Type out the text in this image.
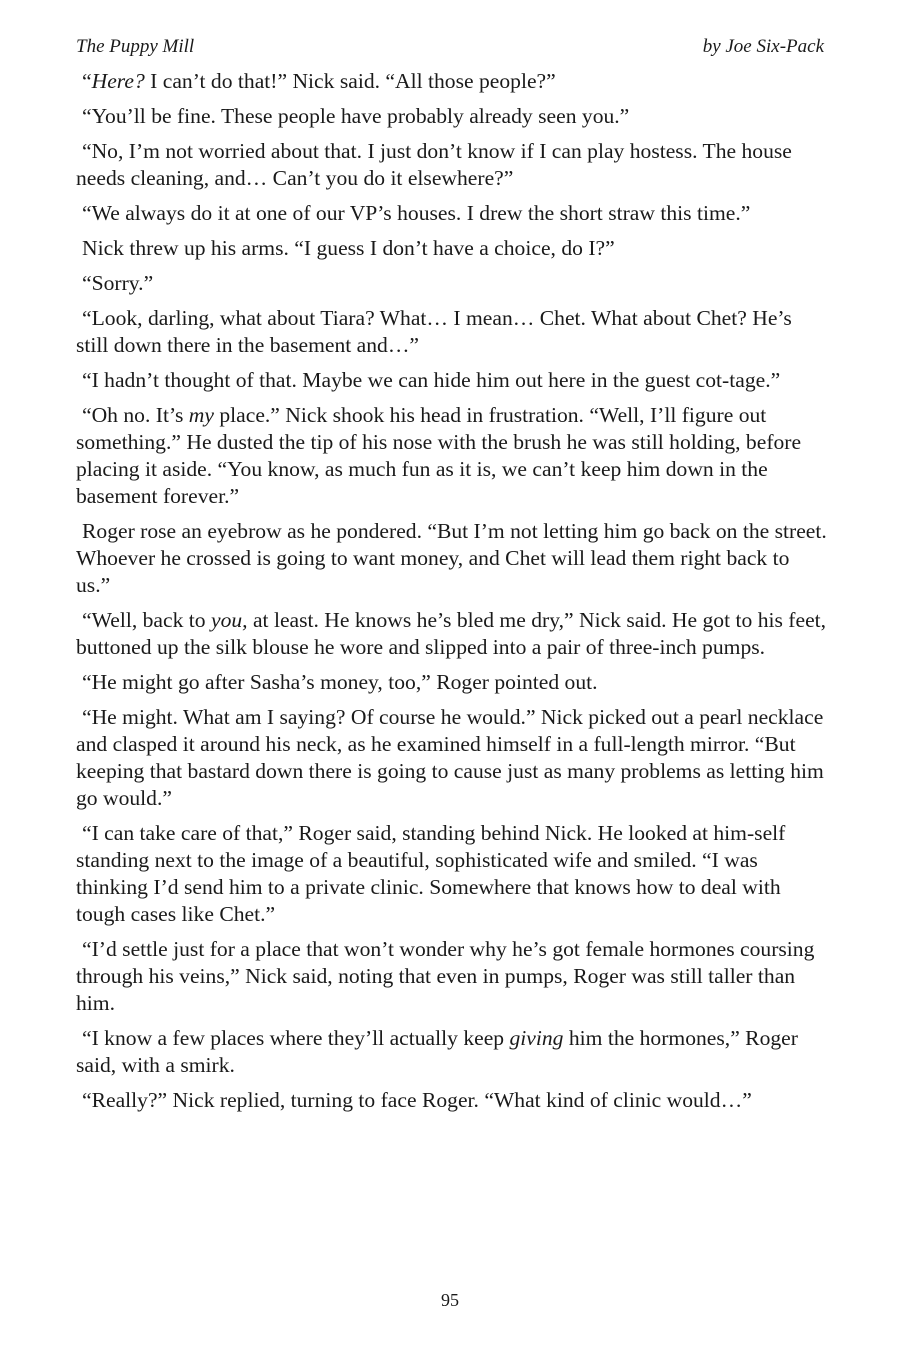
The Puppy Mill	by Joe Six-Pack

“Here? I can’t do that!” Nick said. “All those people?”

“You’ll be fine. These people have probably already seen you.”

“No, I’m not worried about that. I just don’t know if I can play hostess. The house needs cleaning, and… Can’t you do it elsewhere?”

“We always do it at one of our VP’s houses. I drew the short straw this time.”

Nick threw up his arms. “I guess I don’t have a choice, do I?”

“Sorry.”

“Look, darling, what about Tiara? What… I mean… Chet. What about Chet? He’s still down there in the basement and…”

“I hadn’t thought of that. Maybe we can hide him out here in the guest cot-tage.”

“Oh no. It’s my place.” Nick shook his head in frustration. “Well, I’ll figure out something.” He dusted the tip of his nose with the brush he was still holding, before placing it aside. “You know, as much fun as it is, we can’t keep him down in the basement forever.”

Roger rose an eyebrow as he pondered. “But I’m not letting him go back on the street. Whoever he crossed is going to want money, and Chet will lead them right back to us.”

“Well, back to you, at least. He knows he’s bled me dry,” Nick said. He got to his feet, buttoned up the silk blouse he wore and slipped into a pair of three-inch pumps.

“He might go after Sasha’s money, too,” Roger pointed out.

“He might. What am I saying? Of course he would.” Nick picked out a pearl necklace and clasped it around his neck, as he examined himself in a full-length mirror. “But keeping that bastard down there is going to cause just as many problems as letting him go would.”

“I can take care of that,” Roger said, standing behind Nick. He looked at him-self standing next to the image of a beautiful, sophisticated wife and smiled. “I was thinking I’d send him to a private clinic. Somewhere that knows how to deal with tough cases like Chet.”

“I’d settle just for a place that won’t wonder why he’s got female hormones coursing through his veins,” Nick said, noting that even in pumps, Roger was still taller than him.

“I know a few places where they’ll actually keep giving him the hormones,” Roger said, with a smirk.

“Really?” Nick replied, turning to face Roger. “What kind of clinic would…”

95
